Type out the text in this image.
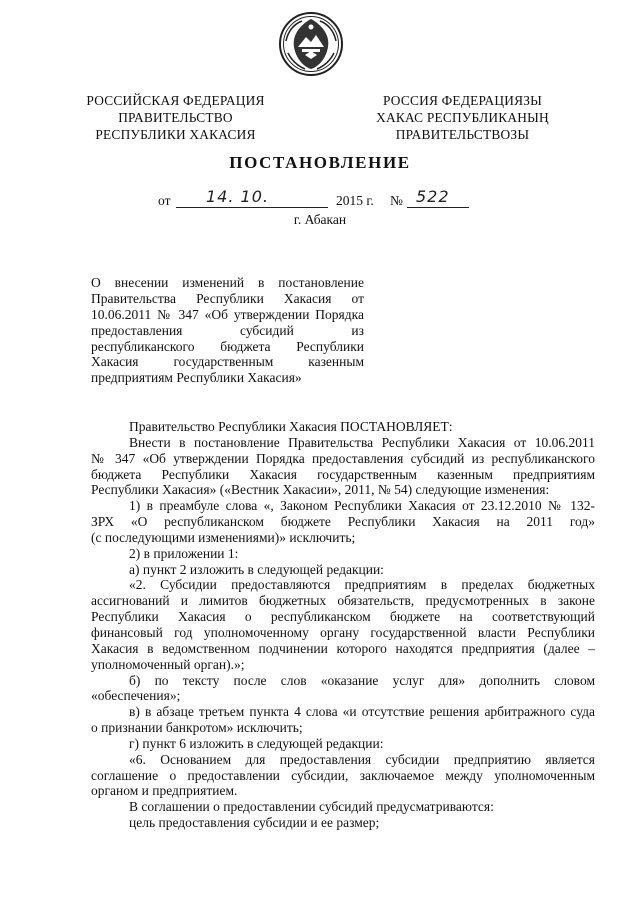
РОССИЙСКАЯ ФЕДЕРАЦИЯ
ПРАВИТЕЛЬСТВО
РЕСПУБЛИКИ ХАКАСИЯ
РОССИЯ ФЕДЕРАЦИЯЗЫ
ХАКАС РЕСПУБЛИКАНЫҢ
ПРАВИТЕЛЬСТВОЗЫ
ПОСТАНОВЛЕНИЕ
от 14. 10.	2015 г. № 522
г. Абакан
О внесении изменений в постановление
Правительства Республики Хакасия от
10.06.2011 № 347 «Об утверждении Порядка
предоставления субсидий из
республиканского бюджета Республики
Хакасия государственным казенным
предприятиям Республики Хакасия»
Правительство Республики Хакасия ПОСТАНОВЛЯЕТ:
Внести в постановление Правительства Республики Хакасия от 10.06.2011
№ 347 «Об утверждении Порядка предоставления субсидий из республиканского
бюджета Республики Хакасия государственным казенным предприятиям
Республики Хакасия» («Вестник Хакасии», 2011, № 54) следующие изменения:
1) в преамбуле слова «, Законом Республики Хакасия от 23.12.2010 № 132-
ЗРХ «О республиканском бюджете Республики Хакасия на 2011 год»
(с последующими изменениями)» исключить;
2) в приложении 1:
а) пункт 2 изложить в следующей редакции:
«2. Субсидии предоставляются предприятиям в пределах бюджетных
ассигнований и лимитов бюджетных обязательств, предусмотренных в законе
Республики Хакасия о республиканском бюджете на соответствующий
финансовый год уполномоченному органу государственной власти Республики
Хакасия в ведомственном подчинении которого находятся предприятия (далее –
уполномоченный орган).»;
б) по тексту после слов «оказание услуг для» дополнить словом
«обеспечения»;
в) в абзаце третьем пункта 4 слова «и отсутствие решения арбитражного суда
о признании банкротом» исключить;
г) пункт 6 изложить в следующей редакции:
«6. Основанием для предоставления субсидии предприятию является
соглашение о предоставлении субсидии, заключаемое между уполномоченным
органом и предприятием.
В соглашении о предоставлении субсидий предусматриваются:
цель предоставления субсидии и ее размер;
